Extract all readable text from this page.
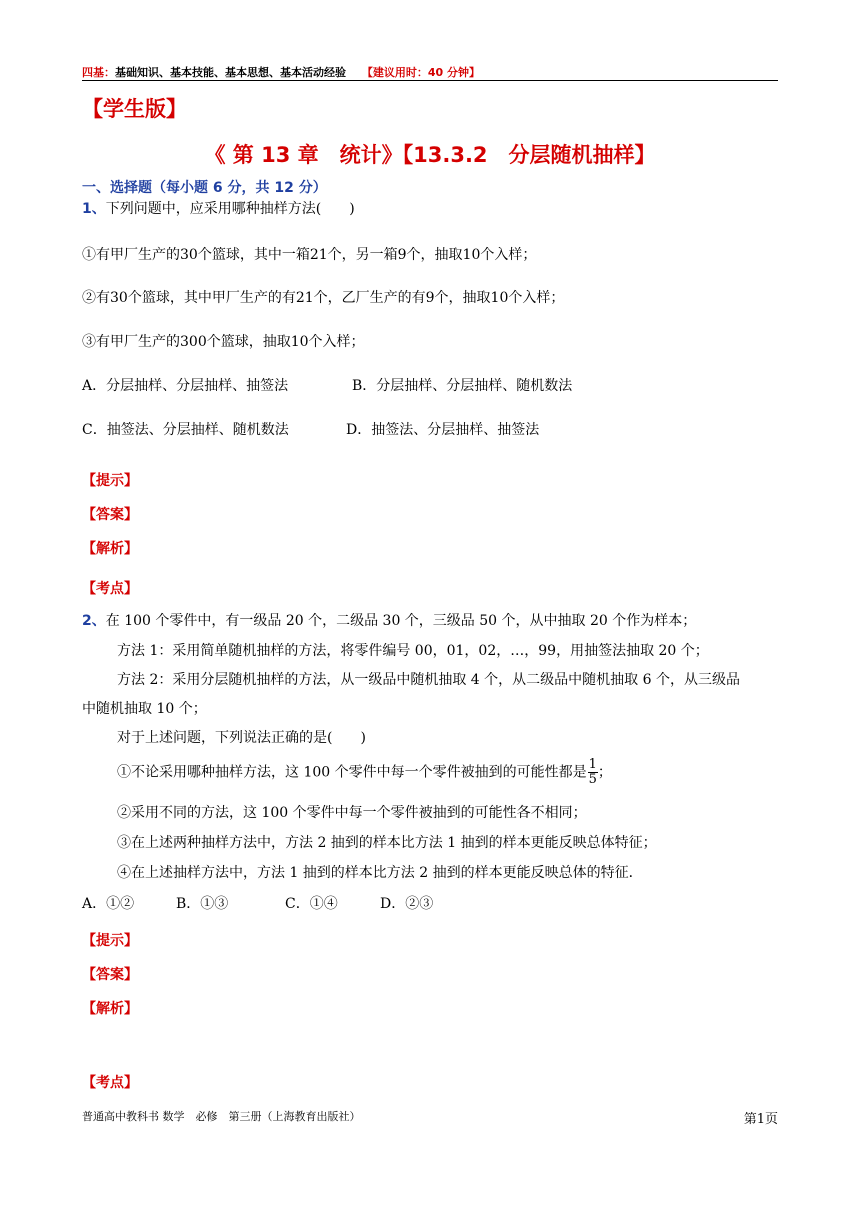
四基：基础知识、基本技能、基本思想、基本活动经验 【建议用时：40 分钟】
【学生版】
《 第 13 章　统计》【13.3.2　分层随机抽样】
一、选择题（每小题 6 分，共 12 分）
1、下列问题中，应采用哪种抽样方法(　　)
①有甲厂生产的30个篮球，其中一箱21个，另一箱9个，抽取10个入样；
②有30个篮球，其中甲厂生产的有21个，乙厂生产的有9个，抽取10个入样；
③有甲厂生产的300个篮球，抽取10个入样；
A．分层抽样、分层抽样、抽签法	B．分层抽样、分层抽样、随机数法
C．抽签法、分层抽样、随机数法	D．抽签法、分层抽样、抽签法
【提示】
【答案】
【解析】
【考点】
2、在 100 个零件中，有一级品 20 个，二级品 30 个，三级品 50 个，从中抽取 20 个作为样本；
方法 1：采用简单随机抽样的方法，将零件编号 00，01，02，…，99，用抽签法抽取 20 个；
方法 2：采用分层随机抽样的方法，从一级品中随机抽取 4 个，从二级品中随机抽取 6 个，从三级品
中随机抽取 10 个；
对于上述问题，下列说法正确的是(　　)
①不论采用哪种抽样方法，这 100 个零件中每一个零件被抽到的可能性都是 $\frac{1}{5}$ ；
②采用不同的方法，这 100 个零件中每一个零件被抽到的可能性各不相同；
③在上述两种抽样方法中，方法 2 抽到的样本比方法 1 抽到的样本更能反映总体特征；
④在上述抽样方法中，方法 1 抽到的样本比方法 2 抽到的样本更能反映总体的特征．
A．①②	B．①③	C．①④	D．②③
【提示】
【答案】
【解析】
【考点】
普通高中教科书 数学　必修　第三册（上海教育出版社）	第1页
